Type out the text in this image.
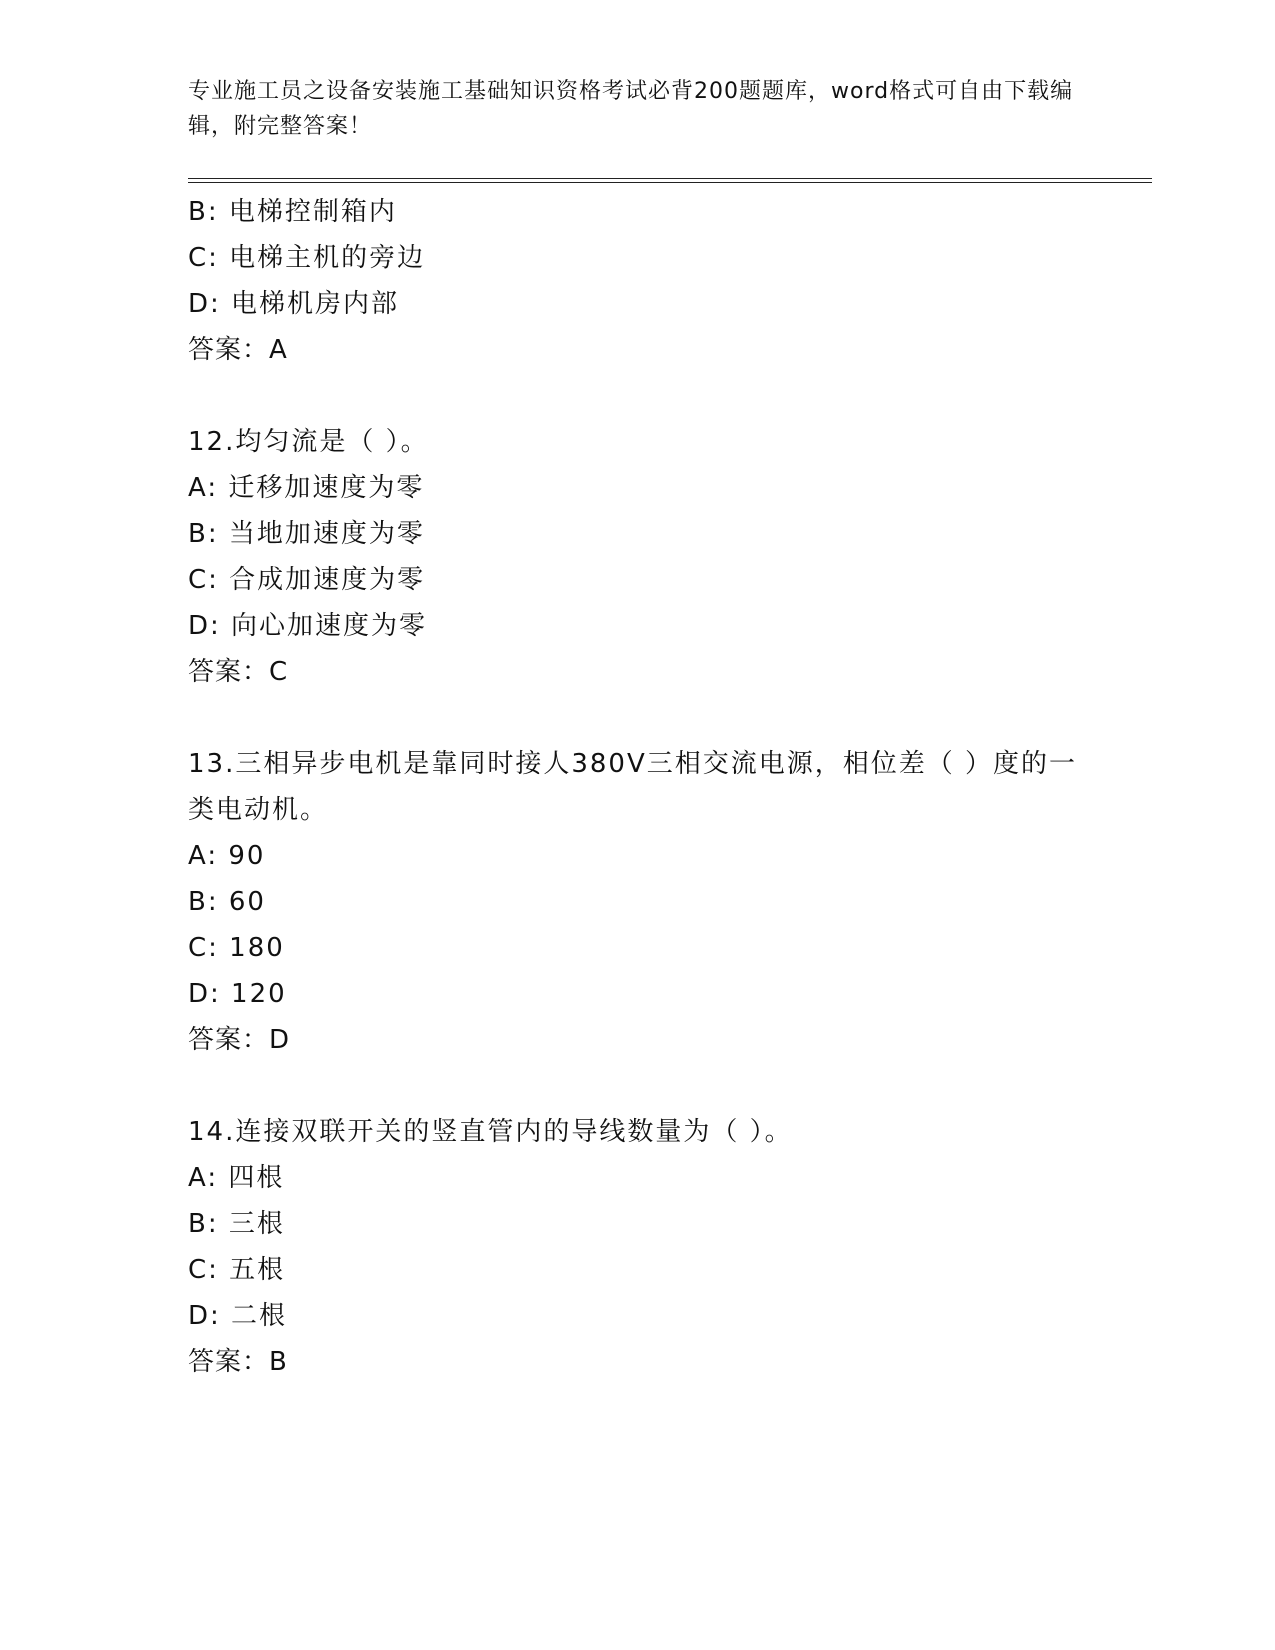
专业施工员之设备安装施工基础知识资格考试必背200题题库，word格式可自由下载编辑，附完整答案！
B: 电梯控制箱内
C: 电梯主机的旁边
D: 电梯机房内部
答案：A
12.均匀流是（ ）。
A: 迁移加速度为零
B: 当地加速度为零
C: 合成加速度为零
D: 向心加速度为零
答案：C
13.三相异步电机是靠同时接人380V三相交流电源，相位差（ ）度的一类电动机。
A: 90
B: 60
C: 180
D: 120
答案：D
14.连接双联开关的竖直管内的导线数量为（ ）。
A: 四根
B: 三根
C: 五根
D: 二根
答案：B
